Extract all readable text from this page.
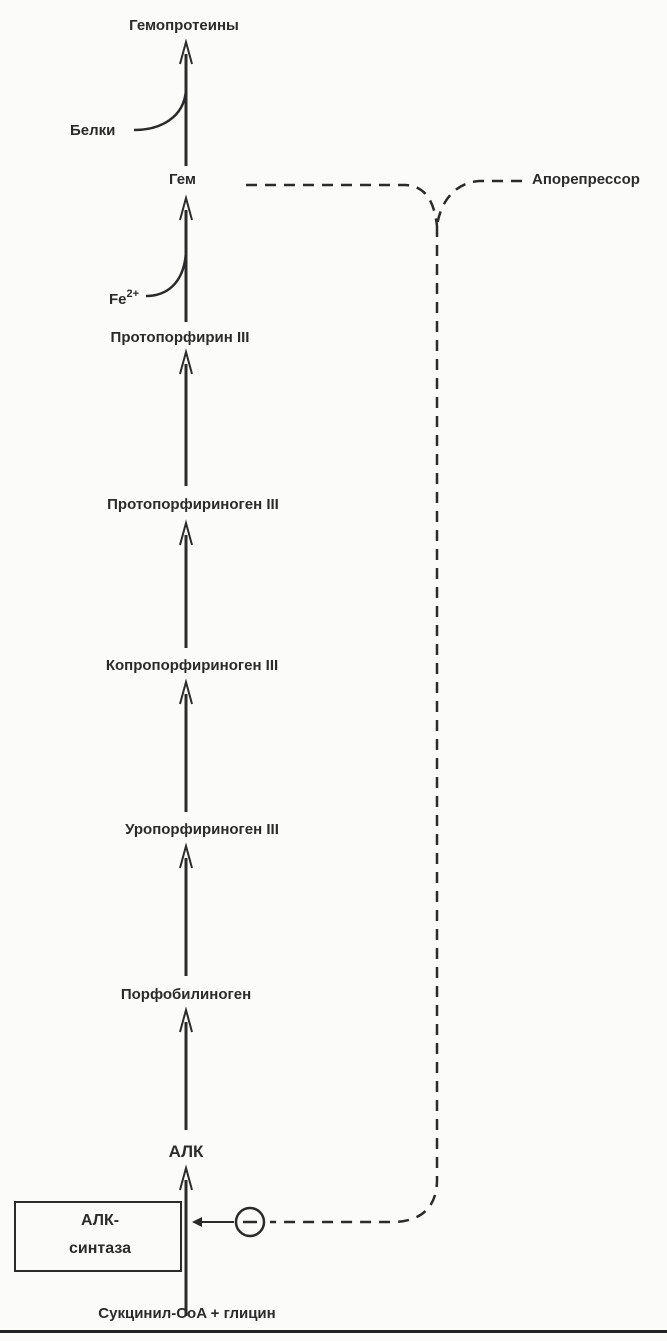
Гемопротеины
Белки
Гем	Апорепрессор
$Fe^{2+}$
Протопорфирин III
Протопорфириноген III
Копропорфириноген III
Уропорфириноген III
Порфобилиноген
АЛК
АЛК-
синтаза
Сукцинил-CoA + глицин
